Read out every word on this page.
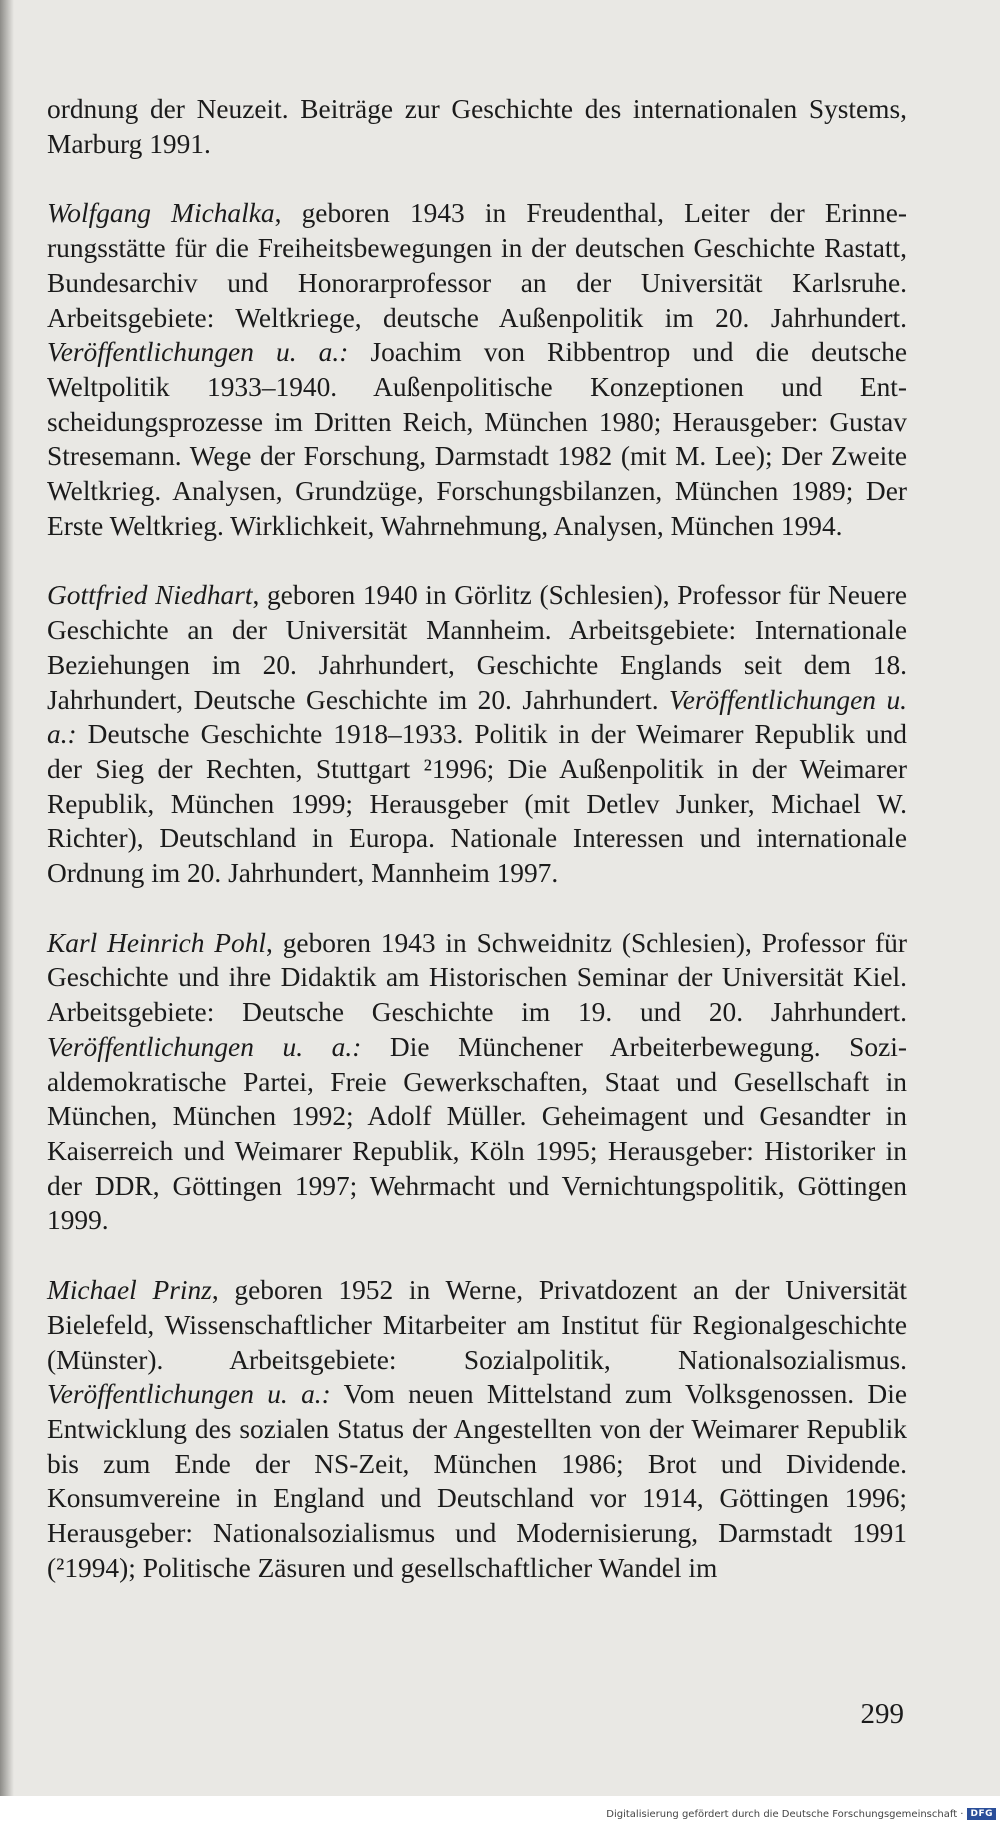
ordnung der Neuzeit. Beiträge zur Geschichte des internationalen Systems, Marburg 1991.
Wolfgang Michalka, geboren 1943 in Freudenthal, Leiter der Erinnerungsstätte für die Freiheitsbewegungen in der deutschen Geschichte Rastatt, Bundesarchiv und Honorarprofessor an der Universität Karlsruhe. Arbeitsgebiete: Weltkriege, deutsche Außenpolitik im 20. Jahrhundert. Veröffentlichungen u. a.: Joachim von Ribbentrop und die deutsche Weltpolitik 1933–1940. Außenpolitische Konzeptionen und Entscheidungsprozesse im Dritten Reich, München 1980; Herausgeber: Gustav Stresemann. Wege der Forschung, Darmstadt 1982 (mit M. Lee); Der Zweite Weltkrieg. Analysen, Grundzüge, Forschungsbilanzen, München 1989; Der Erste Weltkrieg. Wirklichkeit, Wahrnehmung, Analysen, München 1994.
Gottfried Niedhart, geboren 1940 in Görlitz (Schlesien), Professor für Neuere Geschichte an der Universität Mannheim. Arbeitsgebiete: Internationale Beziehungen im 20. Jahrhundert, Geschichte Englands seit dem 18. Jahrhundert, Deutsche Geschichte im 20. Jahrhundert. Veröffentlichungen u. a.: Deutsche Geschichte 1918–1933. Politik in der Weimarer Republik und der Sieg der Rechten, Stuttgart ²1996; Die Außenpolitik in der Weimarer Republik, München 1999; Herausgeber (mit Detlev Junker, Michael W. Richter), Deutschland in Europa. Nationale Interessen und internationale Ordnung im 20. Jahrhundert, Mannheim 1997.
Karl Heinrich Pohl, geboren 1943 in Schweidnitz (Schlesien), Professor für Geschichte und ihre Didaktik am Historischen Seminar der Universität Kiel. Arbeitsgebiete: Deutsche Geschichte im 19. und 20. Jahrhundert. Veröffentlichungen u. a.: Die Münchener Arbeiterbewegung. Sozialdemokratische Partei, Freie Gewerkschaften, Staat und Gesellschaft in München, München 1992; Adolf Müller. Geheimagent und Gesandter in Kaiserreich und Weimarer Republik, Köln 1995; Herausgeber: Historiker in der DDR, Göttingen 1997; Wehrmacht und Vernichtungspolitik, Göttingen 1999.
Michael Prinz, geboren 1952 in Werne, Privatdozent an der Universität Bielefeld, Wissenschaftlicher Mitarbeiter am Institut für Regionalgeschichte (Münster). Arbeitsgebiete: Sozialpolitik, Nationalsozialismus. Veröffentlichungen u. a.: Vom neuen Mittelstand zum Volksgenossen. Die Entwicklung des sozialen Status der Angestellten von der Weimarer Republik bis zum Ende der NS-Zeit, München 1986; Brot und Dividende. Konsumvereine in England und Deutschland vor 1914, Göttingen 1996; Herausgeber: Nationalsozialismus und Modernisierung, Darmstadt 1991 (²1994); Politische Zäsuren und gesellschaftlicher Wandel im
299
Digitalisierung gefördert durch die Deutsche Forschungsgemeinschaft · DFG
